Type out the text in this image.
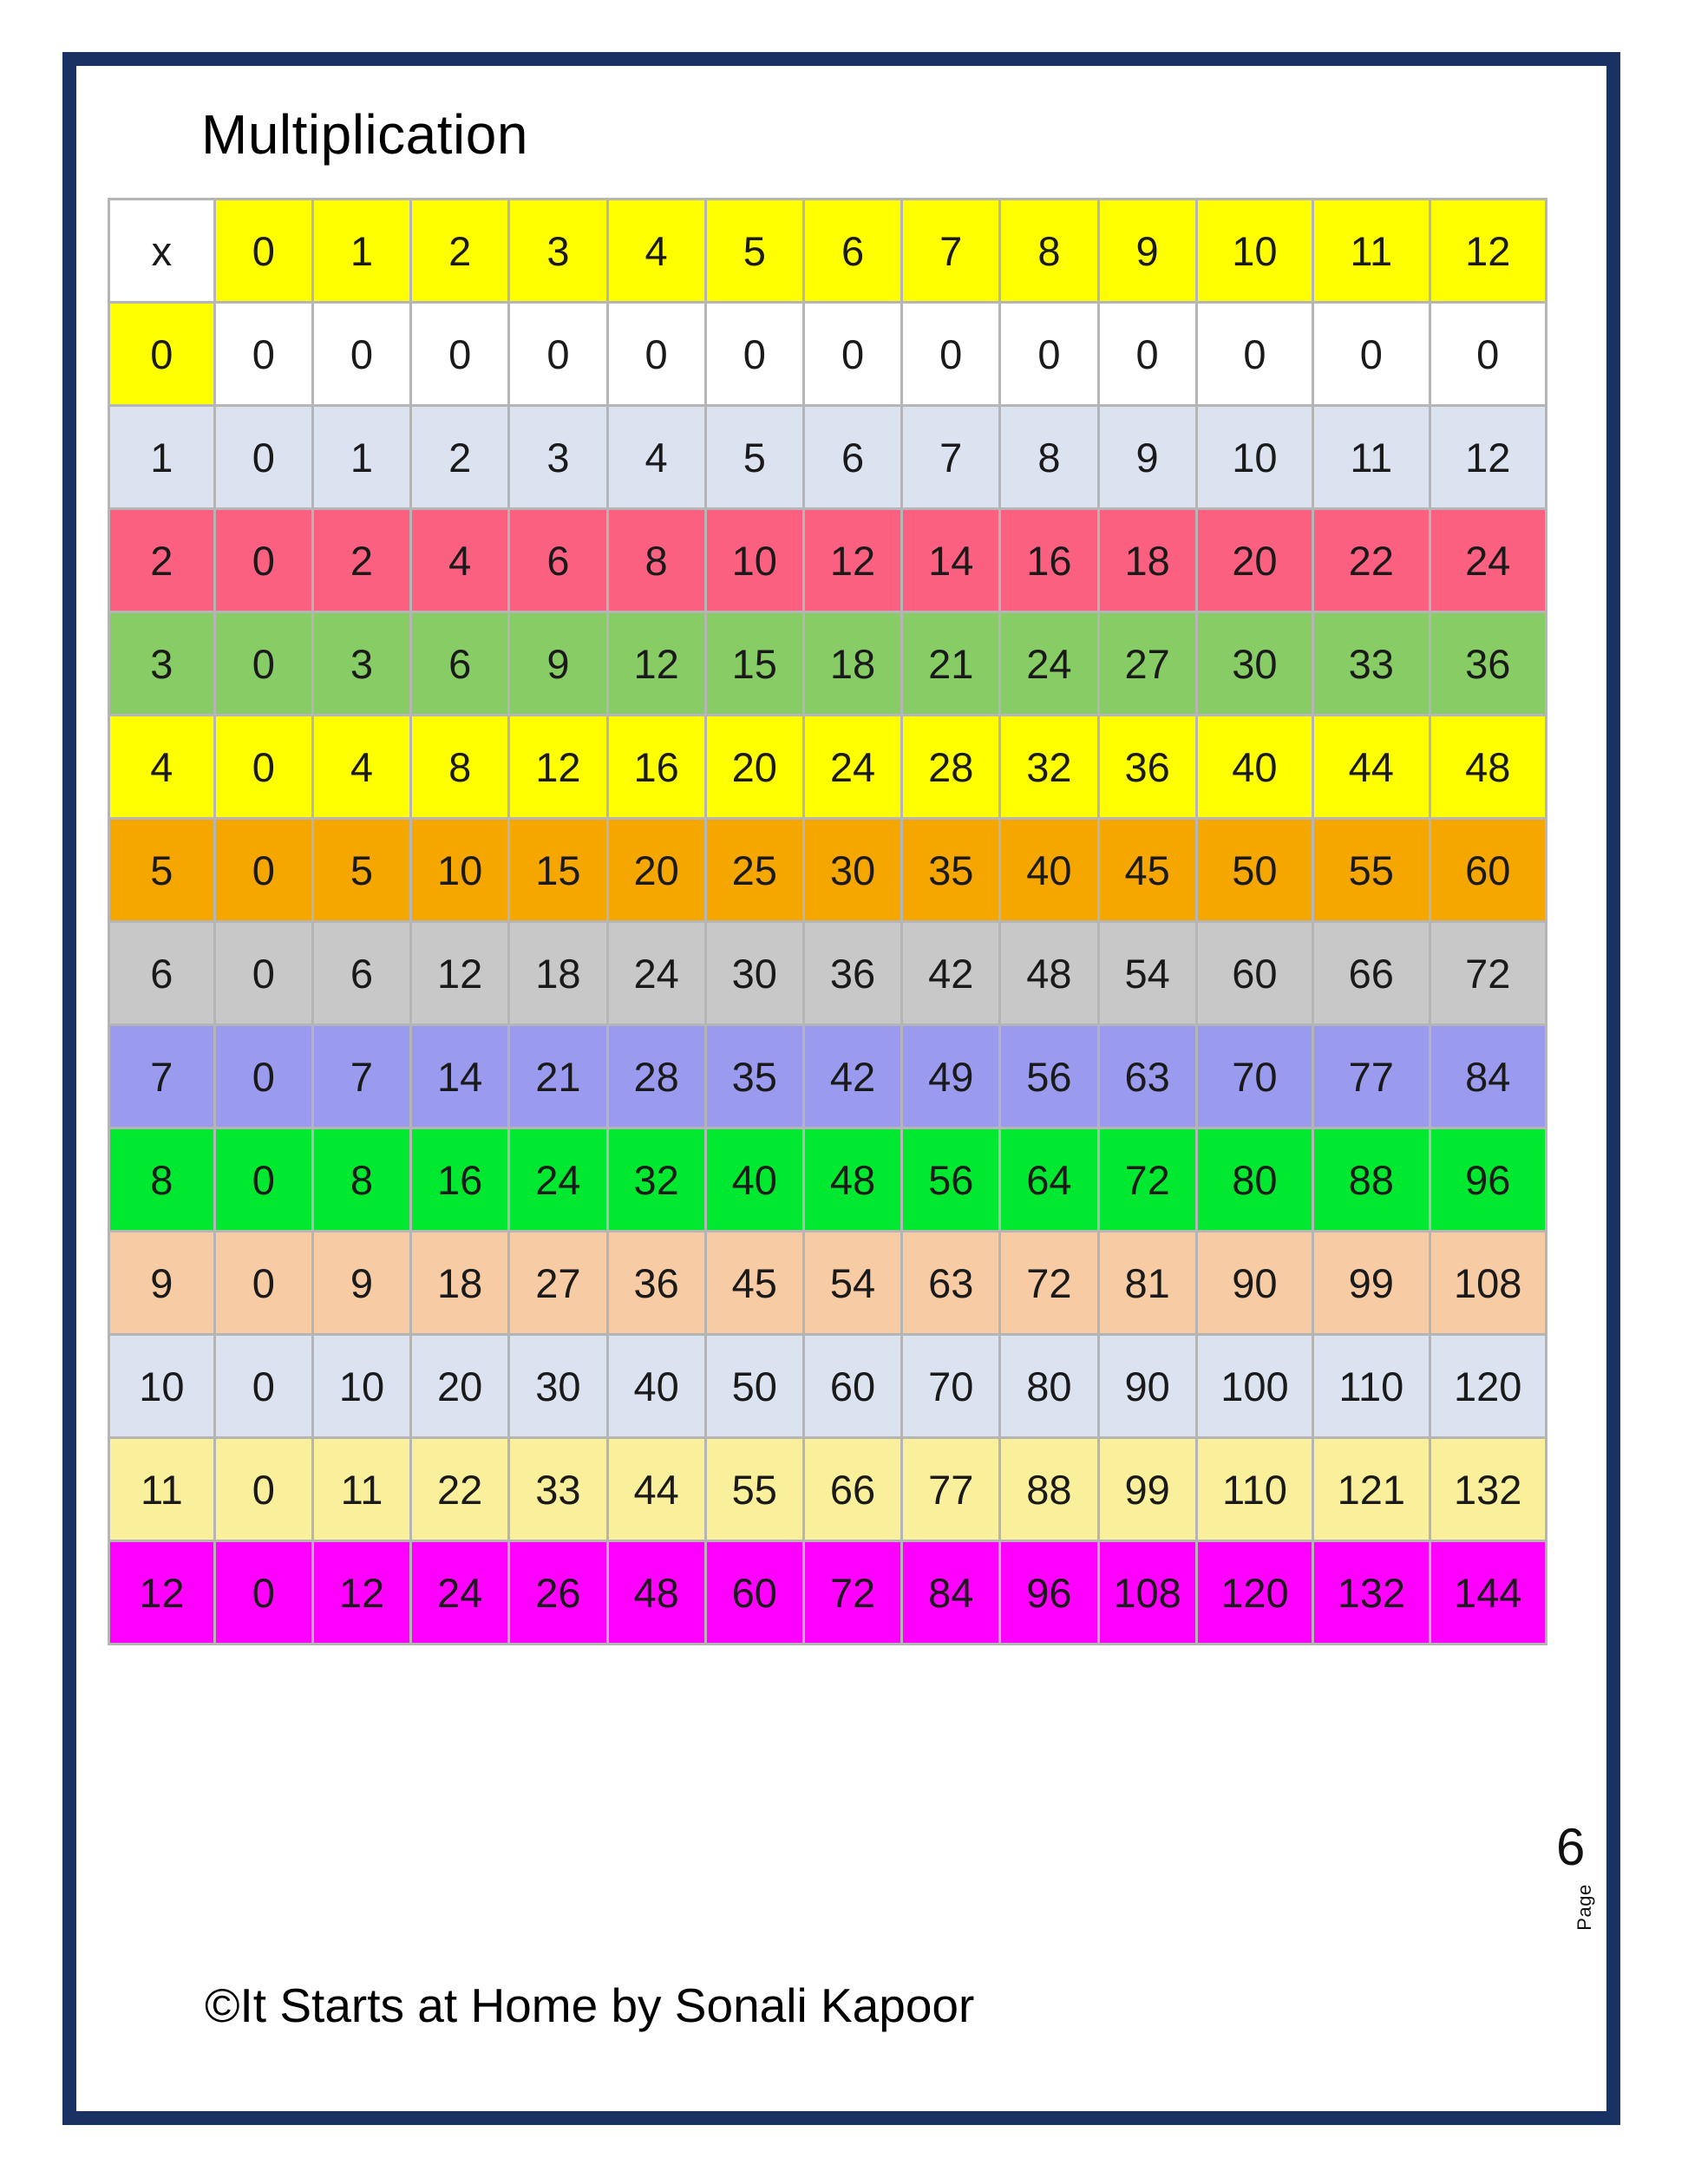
Multiplication
x	0	1	2	3	4	5	6	7	8	9	10	11	12
0	0	0	0	0	0	0	0	0	0	0	0	0	0
1	0	1	2	3	4	5	6	7	8	9	10	11	12
2	0	2	4	6	8	10	12	14	16	18	20	22	24
3	0	3	6	9	12	15	18	21	24	27	30	33	36
4	0	4	8	12	16	20	24	28	32	36	40	44	48
5	0	5	10	15	20	25	30	35	40	45	50	55	60
6	0	6	12	18	24	30	36	42	48	54	60	66	72
7	0	7	14	21	28	35	42	49	56	63	70	77	84
8	0	8	16	24	32	40	48	56	64	72	80	88	96
9	0	9	18	27	36	45	54	63	72	81	90	99	108
10	0	10	20	30	40	50	60	70	80	90	100	110	120
11	0	11	22	33	44	55	66	77	88	99	110	121	132
12	0	12	24	26	48	60	72	84	96	108	120	132	144
6
Page
©It Starts at Home by Sonali Kapoor
